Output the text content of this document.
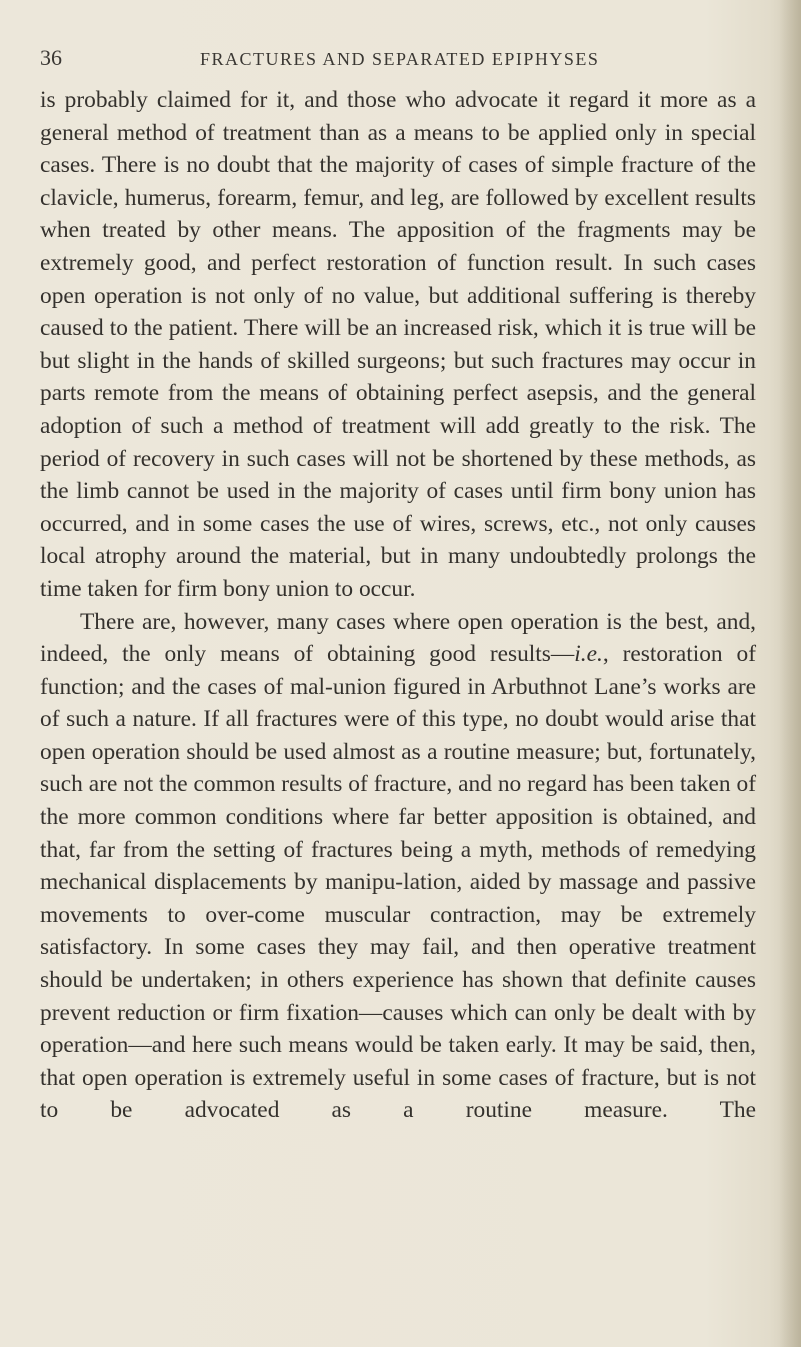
36	FRACTURES AND SEPARATED EPIPHYSES

is probably claimed for it, and those who advocate it regard it more as a general method of treatment than as a means to be applied only in special cases. There is no doubt that the majority of cases of simple fracture of the clavicle, humerus, forearm, femur, and leg, are followed by excellent results when treated by other means. The apposition of the fragments may be extremely good, and perfect restoration of function result. In such cases open operation is not only of no value, but additional suffering is thereby caused to the patient. There will be an increased risk, which it is true will be but slight in the hands of skilled surgeons; but such fractures may occur in parts remote from the means of obtaining perfect asepsis, and the general adoption of such a method of treatment will add greatly to the risk. The period of recovery in such cases will not be shortened by these methods, as the limb cannot be used in the majority of cases until firm bony union has occurred, and in some cases the use of wires, screws, etc., not only causes local atrophy around the material, but in many undoubtedly prolongs the time taken for firm bony union to occur.

There are, however, many cases where open operation is the best, and, indeed, the only means of obtaining good results—i.e., restoration of function; and the cases of mal-union figured in Arbuthnot Lane’s works are of such a nature. If all fractures were of this type, no doubt would arise that open operation should be used almost as a routine measure; but, fortunately, such are not the common results of fracture, and no regard has been taken of the more common conditions where far better apposition is obtained, and that, far from the setting of fractures being a myth, methods of remedying mechanical displacements by manipu-lation, aided by massage and passive movements to over-come muscular contraction, may be extremely satisfactory. In some cases they may fail, and then operative treatment should be undertaken; in others experience has shown that definite causes prevent reduction or firm fixation—causes which can only be dealt with by operation—and here such means would be taken early. It may be said, then, that open operation is extremely useful in some cases of fracture, but is not to be advocated as a routine measure. The
